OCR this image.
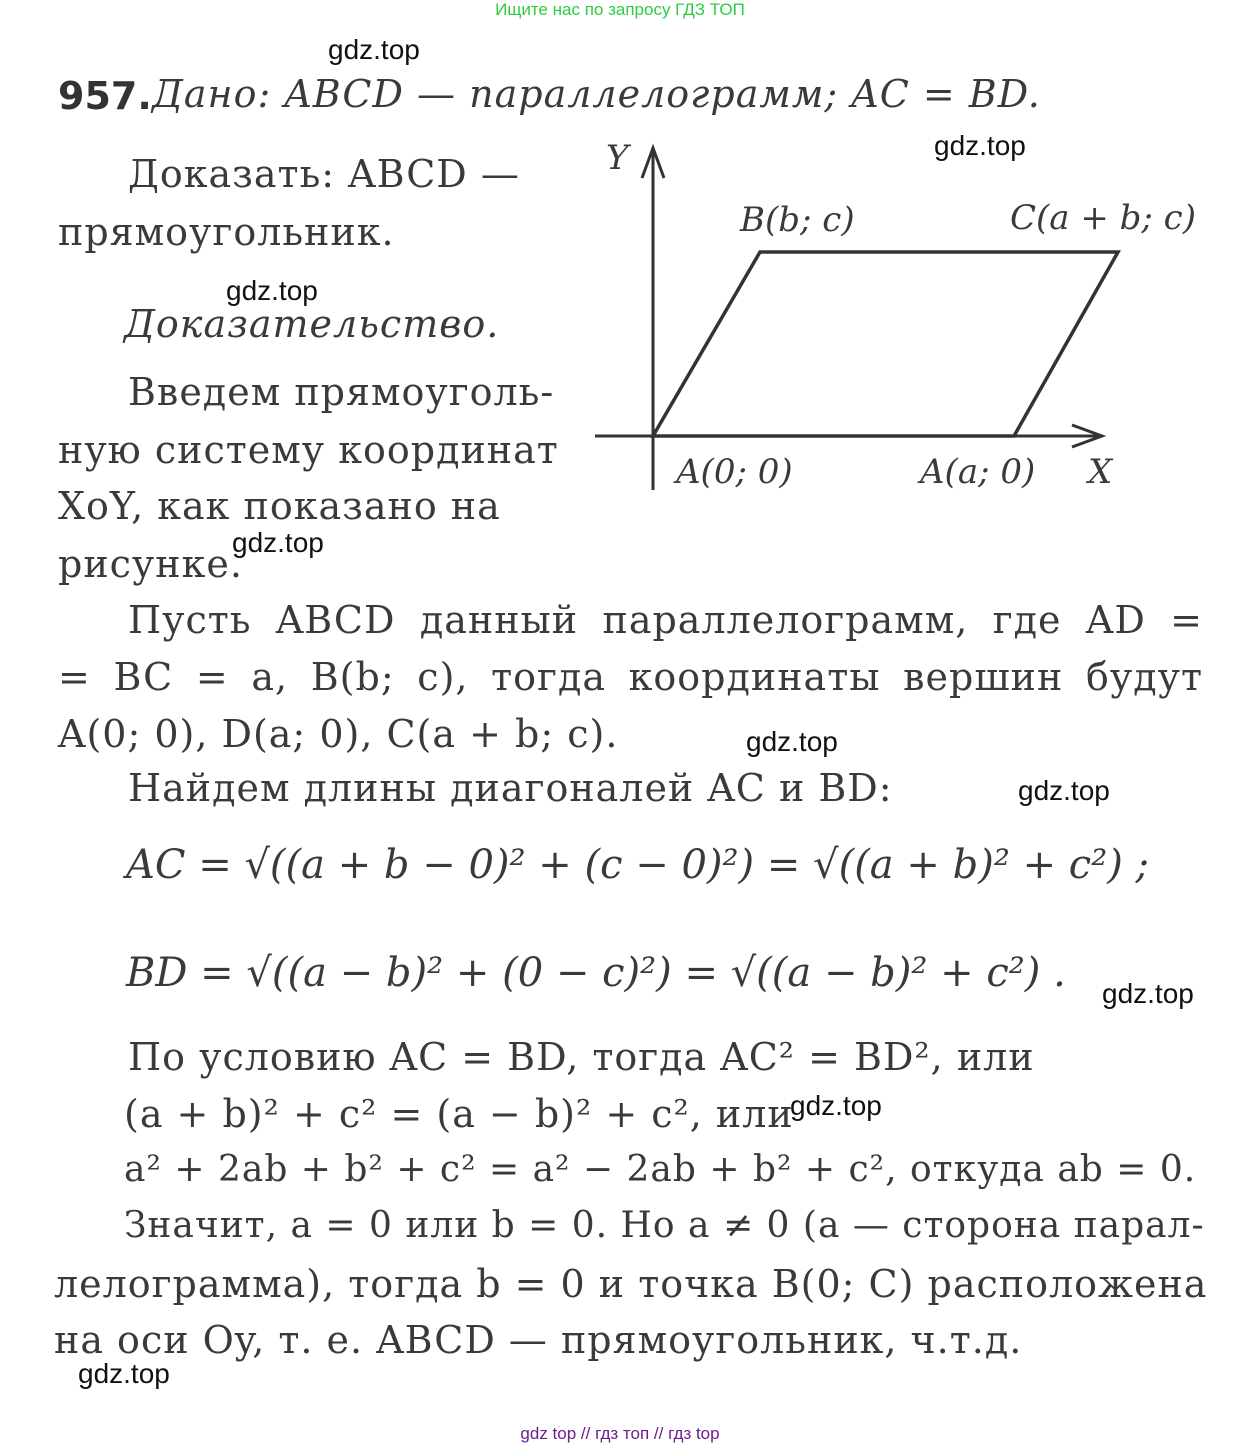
Ищите нас по запросу ГДЗ ТОП
gdz.top
gdz.top
gdz.top
gdz.top
gdz.top
gdz.top
gdz.top
gdz.top
gdz.top
957. Дано: ABCD — параллелограмм; AC = BD.
Доказать: ABCD —
прямоугольник.
Доказательство.
Введем прямоуголь-
ную систему координат
XoY, как показано на
рисунке.
Y
X
B(b; c)	C(a + b; c)
A(0; 0)	A(a; 0)
Пусть ABCD данный параллелограмм, где AD =
= BC = a, B(b; c), тогда координаты вершин будут
A(0; 0), D(a; 0), C(a + b; c).
Найдем длины диагоналей AC и BD:
AC = √((a + b − 0)² + (c − 0)²) = √((a + b)² + c²) ;
BD = √((a − b)² + (0 − c)²) = √((a − b)² + c²) .
По условию AC = BD, тогда AC² = BD², или
(a + b)² + c² = (a − b)² + c², или
a² + 2ab + b² + c² = a² − 2ab + b² + c², откуда ab = 0.
Значит, a = 0 или b = 0. Но a ≠ 0 (a — сторона парал-
лелограмма), тогда b = 0 и точка B(0; C) расположена
на оси Oy, т. е. ABCD — прямоугольник, ч.т.д.
gdz top // гдз топ // гдз top
